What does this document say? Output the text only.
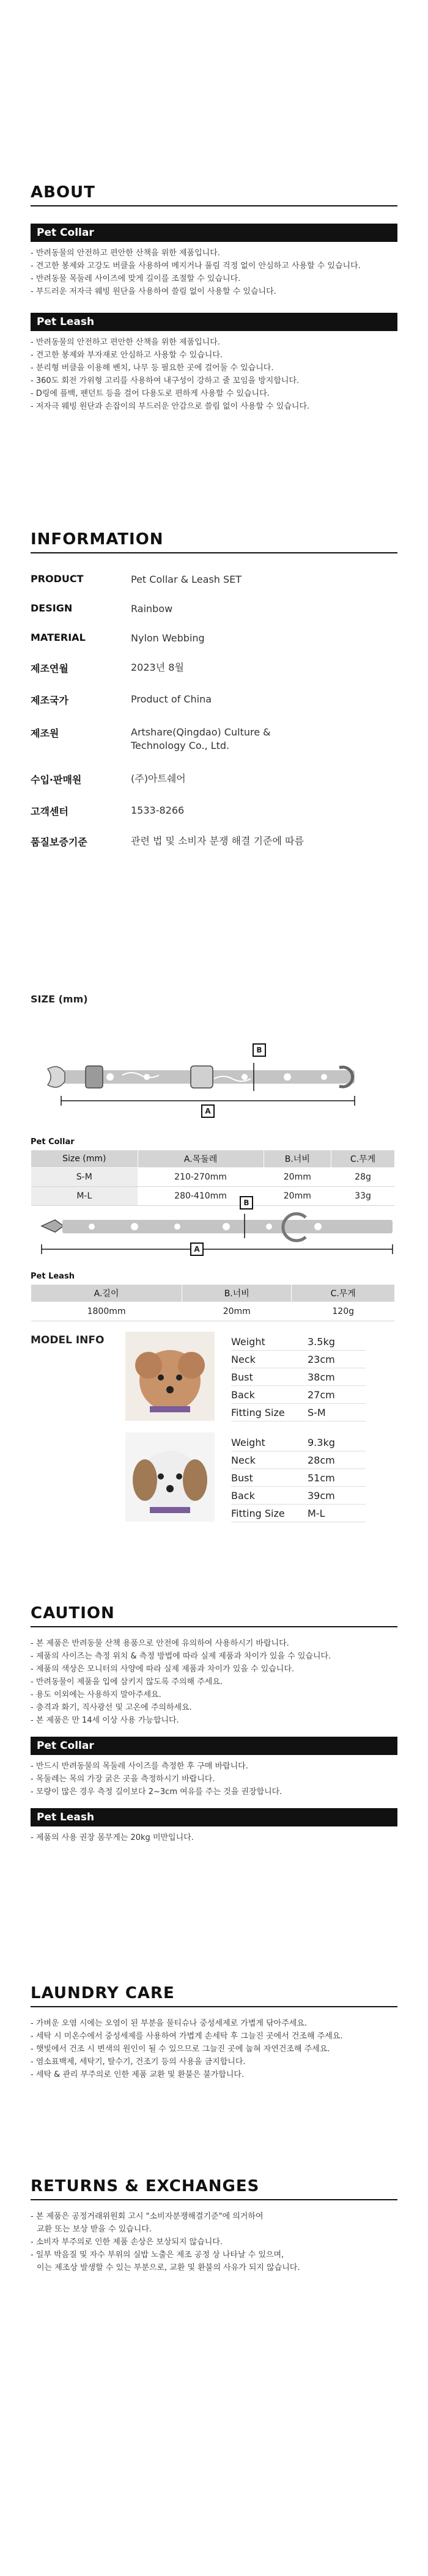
ABOUT
Pet Collar
- 반려동물의 안전하고 편안한 산책을 위한 제품입니다.
- 견고한 봉제와 고강도 버클을 사용하여 메지거나 풀림 걱정 없이 안심하고 사용할 수 있습니다.
- 반려동물 목둘레 사이즈에 맞게 길이를 조절할 수 있습니다.
- 부드러운 저자극 웨빙 원단을 사용하여 쓸림 없이 사용할 수 있습니다.
Pet Leash
- 반려동물의 안전하고 편안한 산책을 위한 제품입니다.
- 견고한 봉제와 부자재로 안심하고 사용할 수 있습니다.
- 분리형 버클을 이용해 벤치, 나무 등 필요한 곳에 걸어둘 수 있습니다.
- 360도 회전 가위형 고리를 사용하여 내구성이 강하고 줄 꼬임을 방지합니다.
- D링에 플백, 팬던트 등을 걸어 다용도로 편하게 사용할 수 있습니다.
- 저자극 웨빙 원단과 손잡이의 부드러운 안감으로 쓸림 없이 사용할 수 있습니다.
INFORMATION
PRODUCT	Pet Collar & Leash SET
DESIGN	Rainbow
MATERIAL	Nylon Webbing
제조연월	2023년 8월
제조국가	Product of China
제조원	Artshare(Qingdao) Culture &
Technology Co., Ltd.
수입·판매원	(주)아트쉐어
고객센터	1533-8266
품질보증기준	관련 법 및 소비자 분쟁 해결 기준에 따름
SIZE (mm)
A
B
Pet Collar
Size (mm)	A.목둘레	B.너비	C.무게
S-M	210-270mm	20mm	28g
M-L	280-410mm	20mm	33g
A
B
Pet Leash
A.길이	B.너비	C.무게
1800mm	20mm	120g
MODEL INFO	Weight	3.5kg
Neck	23cm
Bust	38cm
Back	27cm
Fitting Size	S-M
Weight	9.3kg
Neck	28cm
Bust	51cm
Back	39cm
Fitting Size	M-L
CAUTION
- 본 제품은 반려동물 산책 용품으로 안전에 유의하여 사용하시기 바랍니다.
- 제품의 사이즈는 측정 위치 & 측정 방법에 따라 실제 제품과 차이가 있을 수 있습니다.
- 제품의 색상은 모니터의 사양에 따라 실제 제품과 차이가 있을 수 있습니다.
- 반려동물이 제품을 입에 삼키지 않도록 주의해 주세요.
- 용도 이외에는 사용하지 말아주세요.
- 충격과 화기, 직사광선 및 고온에 주의하세요.
- 본 제품은 만 14세 이상 사용 가능합니다.
Pet Collar
- 반드시 반려동물의 목둘레 사이즈를 측정한 후 구매 바랍니다.
- 목둘레는 목의 가장 굵은 곳을 측정하시기 바랍니다.
- 모량이 많은 경우 측정 길이보다 2~3cm 여유를 주는 것을 권장합니다.
Pet Leash
- 제품의 사용 권장 몸무게는 20kg 미만입니다.
LAUNDRY CARE
- 가벼운 오염 시에는 오염이 된 부분을 물티슈나 중성세제로 가볍게 닦아주세요.
- 세탁 시 미온수에서 중성세제를 사용하여 가볍게 손세탁 후 그늘진 곳에서 건조해 주세요.
- 햇빛에서 건조 시 변색의 원인이 될 수 있으므로 그늘진 곳에 눕혀 자연건조해 주세요.
- 염소표백제, 세탁기, 탈수기, 건조기 등의 사용을 금지합니다.
- 세탁 & 관리 부주의로 인한 제품 교환 및 환불은 불가합니다.
RETURNS & EXCHANGES
- 본 제품은 공정거래위원회 고시 "소비자분쟁해결기준"에 의거하여
교환 또는 보상 받을 수 있습니다.
- 소비자 부주의로 인한 제품 손상은 보상되지 않습니다.
- 일부 박음질 및 자수 부위의 실밥 노출은 제조 공정 상 나타날 수 있으며,
이는 제조상 발생할 수 있는 부분으로, 교환 및 환불의 사유가 되지 않습니다.
